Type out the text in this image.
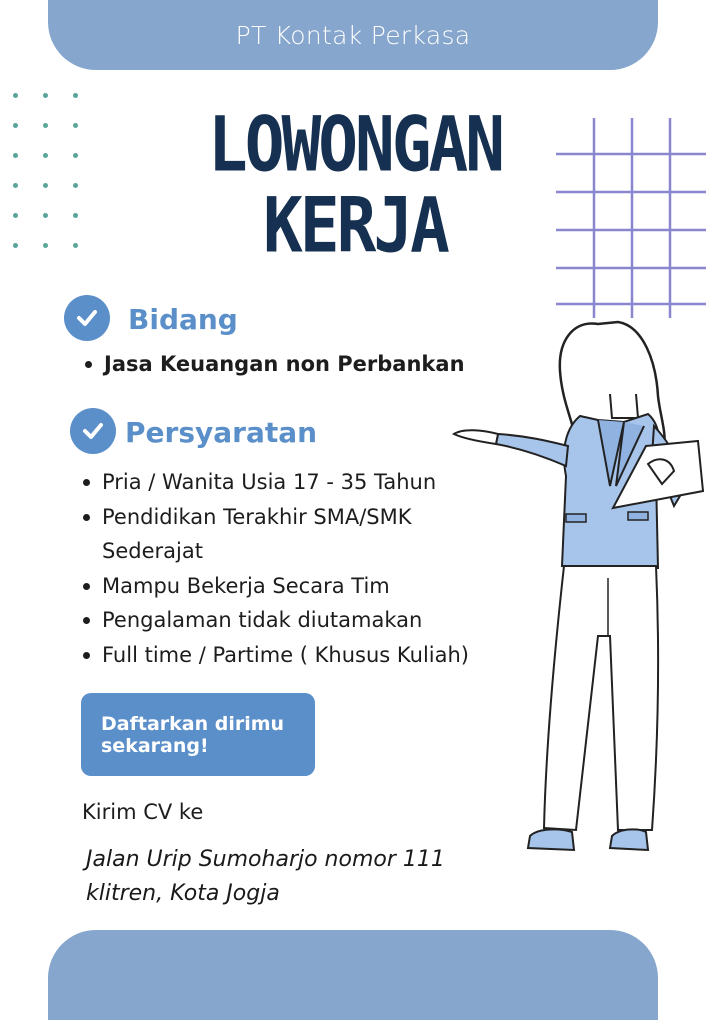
PT Kontak Perkasa
LOWONGAN
KERJA
Bidang
Jasa Keuangan non Perbankan
Persyaratan
Pria / Wanita Usia 17 - 35 Tahun
Pendidikan Terakhir SMA/SMK Sederajat
Mampu Bekerja Secara Tim
Pengalaman tidak diutamakan
Full time / Partime ( Khusus Kuliah)
Daftarkan dirimu sekarang!
Kirim CV ke
Jalan Urip Sumoharjo nomor 111
klitren, Kota Jogja
